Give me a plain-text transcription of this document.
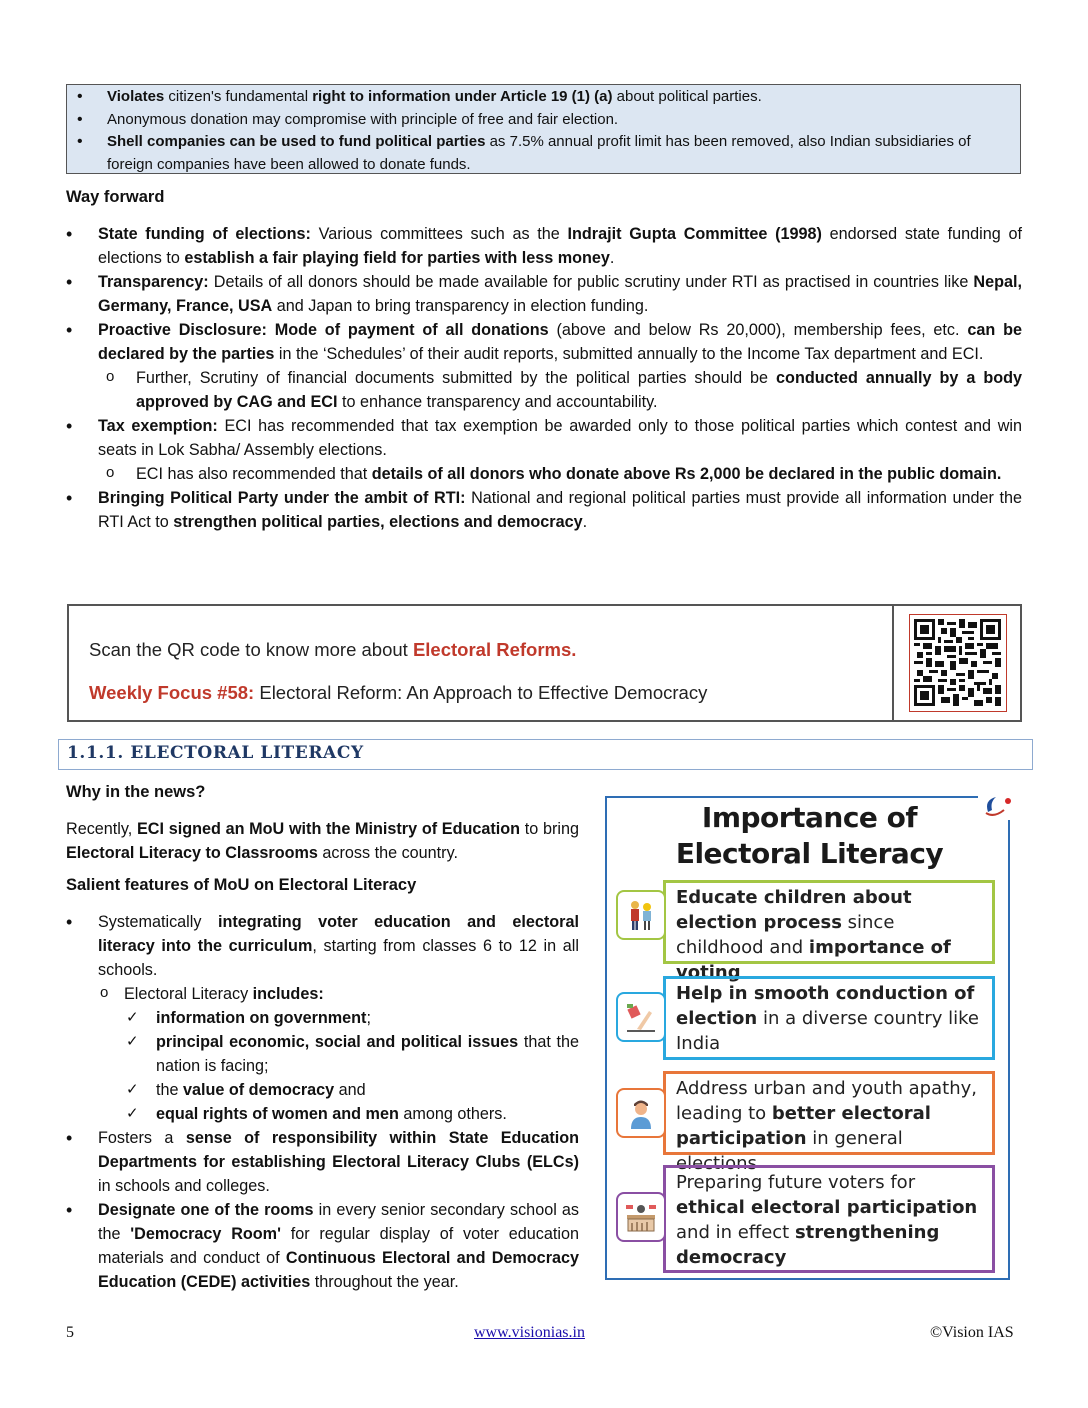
• Violates citizen's fundamental right to information under Article 19 (1) (a) about political parties.
• Anonymous donation may compromise with principle of free and fair election.
• Shell companies can be used to fund political parties as 7.5% annual profit limit has been removed, also Indian subsidiaries of foreign companies have been allowed to donate funds.
Way forward
• State funding of elections: Various committees such as the Indrajit Gupta Committee (1998) endorsed state funding of elections to establish a fair playing field for parties with less money.
• Transparency: Details of all donors should be made available for public scrutiny under RTI as practised in countries like Nepal, Germany, France, USA and Japan to bring transparency in election funding.
• Proactive Disclosure: Mode of payment of all donations (above and below Rs 20,000), membership fees, etc. can be declared by the parties in the ‘Schedules’ of their audit reports, submitted annually to the Income Tax department and ECI.
o Further, Scrutiny of financial documents submitted by the political parties should be conducted annually by a body approved by CAG and ECI to enhance transparency and accountability.
• Tax exemption: ECI has recommended that tax exemption be awarded only to those political parties which contest and win seats in Lok Sabha/ Assembly elections.
o ECI has also recommended that details of all donors who donate above Rs 2,000 be declared in the public domain.
• Bringing Political Party under the ambit of RTI: National and regional political parties must provide all information under the RTI Act to strengthen political parties, elections and democracy.
Scan the QR code to know more about Electoral Reforms.
Weekly Focus #58: Electoral Reform: An Approach to Effective Democracy
1.1.1. ELECTORAL LITERACY
Why in the news?
Recently, ECI signed an MoU with the Ministry of Education to bring Electoral Literacy to Classrooms across the country.
Salient features of MoU on Electoral Literacy
• Systematically integrating voter education and electoral literacy into the curriculum, starting from classes 6 to 12 in all schools.
o Electoral Literacy includes:
✓ information on government;
✓ principal economic, social and political issues that the nation is facing;
✓ the value of democracy and
✓ equal rights of women and men among others.
• Fosters a sense of responsibility within State Education Departments for establishing Electoral Literacy Clubs (ELCs) in schools and colleges.
• Designate one of the rooms in every senior secondary school as the 'Democracy Room' for regular display of voter education materials and conduct of Continuous Electoral and Democracy Education (CEDE) activities throughout the year.
Importance of
Electoral Literacy
Educate children about election process since childhood and importance of voting
Help in smooth conduction of election in a diverse country like India
Address urban and youth apathy, leading to better electoral participation in general elections
Preparing future voters for ethical electoral participation and in effect strengthening democracy
5	www.visionias.in	©Vision IAS
